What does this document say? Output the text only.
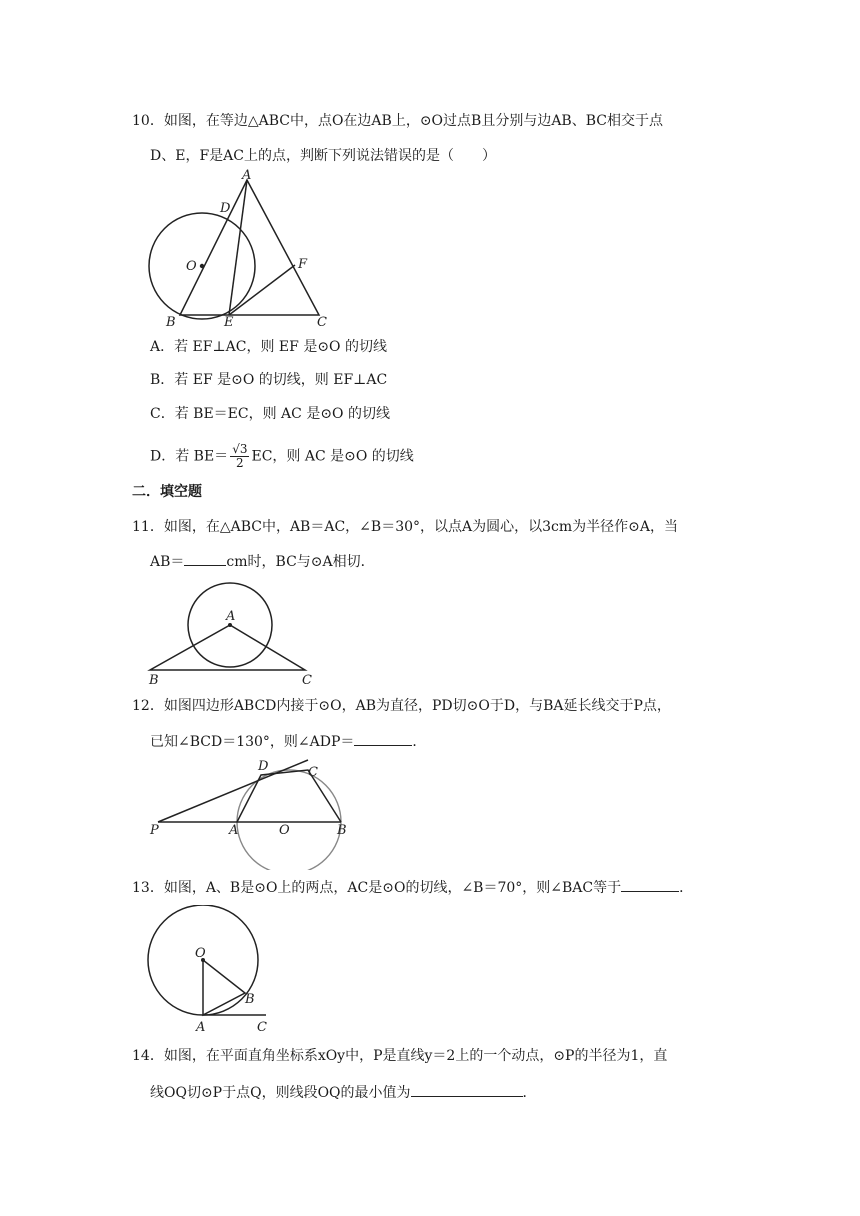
10．如图，在等边△ABC中，点O在边AB上，⊙O过点B且分别与边AB、BC相交于点
D、E，F是AC上的点，判断下列说法错误的是（　　）
A
B	C
D
E
F
O
A．若 EF⊥AC，则 EF 是⊙O 的切线
B．若 EF 是⊙O 的切线，则 EF⊥AC
C．若 BE＝EC，则 AC 是⊙O 的切线
D．若 $BE= \frac{√3}{2}$ EC，则 AC 是⊙O 的切线
二．填空题
11．如图，在△ABC中，AB＝AC，∠B＝30°，以点A为圆心，以3cm为半径作⊙A，当
AB＝	cm时，BC与⊙A相切．
A
B	C
12．如图四边形ABCD内接于⊙O，AB为直径，PD切⊙O于D，与BA延长线交于P点，
已知∠BCD＝130°，则∠ADP＝	．
P	A	O	B
C
D
13．如图，A、B是⊙O上的两点，AC是⊙O的切线，∠B＝70°，则∠BAC等于	．
O
A
B
C
14．如图，在平面直角坐标系xOy中，P是直线y＝2上的一个动点，⊙P的半径为1，直
线OQ切⊙P于点Q，则线段OQ的最小值为	．
